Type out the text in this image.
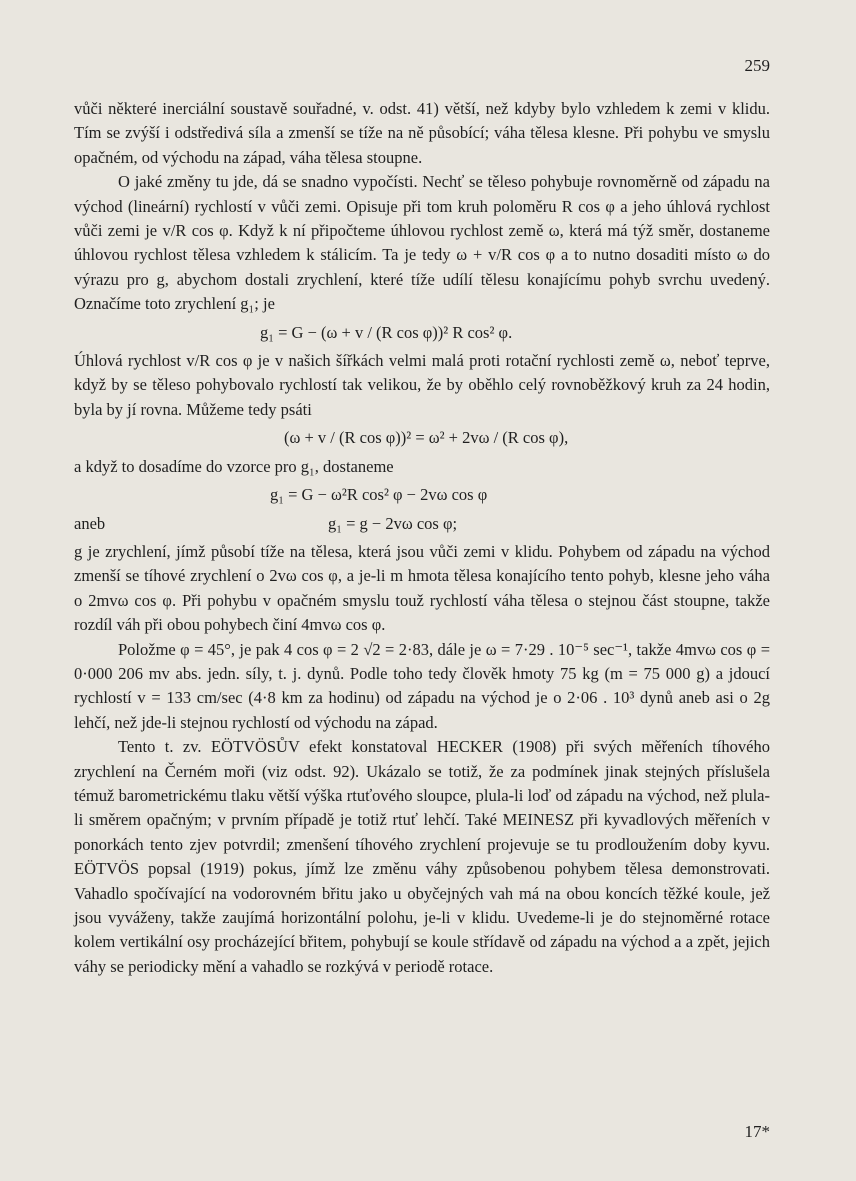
259

vůči některé inerciální soustavě souřadné, v. odst. 41) větší, než kdyby bylo vzhledem k zemi v klidu. Tím se zvýší i odstředivá síla a zmenší se tíže na ně působící; váha tělesa klesne. Při pohybu ve smyslu opačném, od východu na západ, váha tělesa stoupne.

O jaké změny tu jde, dá se snadno vypočísti. Nechť se těleso pohybuje rovnoměrně od západu na východ (lineární) rychlostí v vůči zemi. Opisuje při tom kruh poloměru R cos φ a jeho úhlová rychlost vůči zemi je v/R cos φ. Když k ní připočteme úhlovou rychlost země ω, která má týž směr, dostaneme úhlovou rychlost tělesa vzhledem k stálicím. Ta je tedy ω + v/R cos φ a to nutno dosaditi místo ω do výrazu pro g, abychom dostali zrychlení, které tíže udílí tělesu konajícímu pohyb svrchu uvedený. Označíme toto zrychlení g₁; je

g₁ = G − (ω + v / (R cos φ))² R cos² φ.

Úhlová rychlost v/R cos φ je v našich šířkách velmi malá proti rotační rychlosti země ω, neboť teprve, když by se těleso pohybovalo rychlostí tak velikou, že by oběhlo celý rovnoběžkový kruh za 24 hodin, byla by jí rovna. Můžeme tedy psáti

(ω + v / (R cos φ))² = ω² + 2vω / (R cos φ),

a když to dosadíme do vzorce pro g₁, dostaneme

g₁ = G − ω²R cos² φ − 2vω cos φ
aneb	g₁ = g − 2vω cos φ;

g je zrychlení, jímž působí tíže na tělesa, která jsou vůči zemi v klidu. Pohybem od západu na východ zmenší se tíhové zrychlení o 2vω cos φ, a je-li m hmota tělesa konajícího tento pohyb, klesne jeho váha o 2mvω cos φ. Při pohybu v opačném smyslu touž rychlostí váha tělesa o stejnou část stoupne, takže rozdíl váh při obou pohybech činí 4mvω cos φ.

Položme φ = 45°, je pak 4 cos φ = 2 √2 = 2·83, dále je ω = 7·29 . 10⁻⁵ sec⁻¹, takže 4mvω cos φ = 0·000 206 mv abs. jedn. síly, t. j. dynů. Podle toho tedy člověk hmoty 75 kg (m = 75 000 g) a jdoucí rychlostí v = 133 cm/sec (4·8 km za hodinu) od západu na východ je o 2·06 . 10³ dynů aneb asi o 2g lehčí, než jde-li stejnou rychlostí od východu na západ.

Tento t. zv. EÖTVÖSŮV efekt konstatoval HECKER (1908) při svých měřeních tíhového zrychlení na Černém moři (viz odst. 92). Ukázalo se totiž, že za podmínek jinak stejných příslušela témuž barometrickému tlaku větší výška rtuťového sloupce, plula-li loď od západu na východ, než plula-li směrem opačným; v prvním případě je totiž rtuť lehčí. Také MEINESZ při kyvadlových měřeních v ponorkách tento zjev potvrdil; zmenšení tíhového zrychlení projevuje se tu prodloužením doby kyvu. EÖTVÖS popsal (1919) pokus, jímž lze změnu váhy způsobenou pohybem tělesa demonstrovati. Vahadlo spočívající na vodorovném břitu jako u obyčejných vah má na obou koncích těžké koule, jež jsou vyváženy, takže zaujímá horizontální polohu, je-li v klidu. Uvedeme-li je do stejnoměrné rotace kolem vertikální osy procházející břitem, pohybují se koule střídavě od západu na východ a a zpět, jejich váhy se periodicky mění a vahadlo se rozkývá v periodě rotace.

17*
